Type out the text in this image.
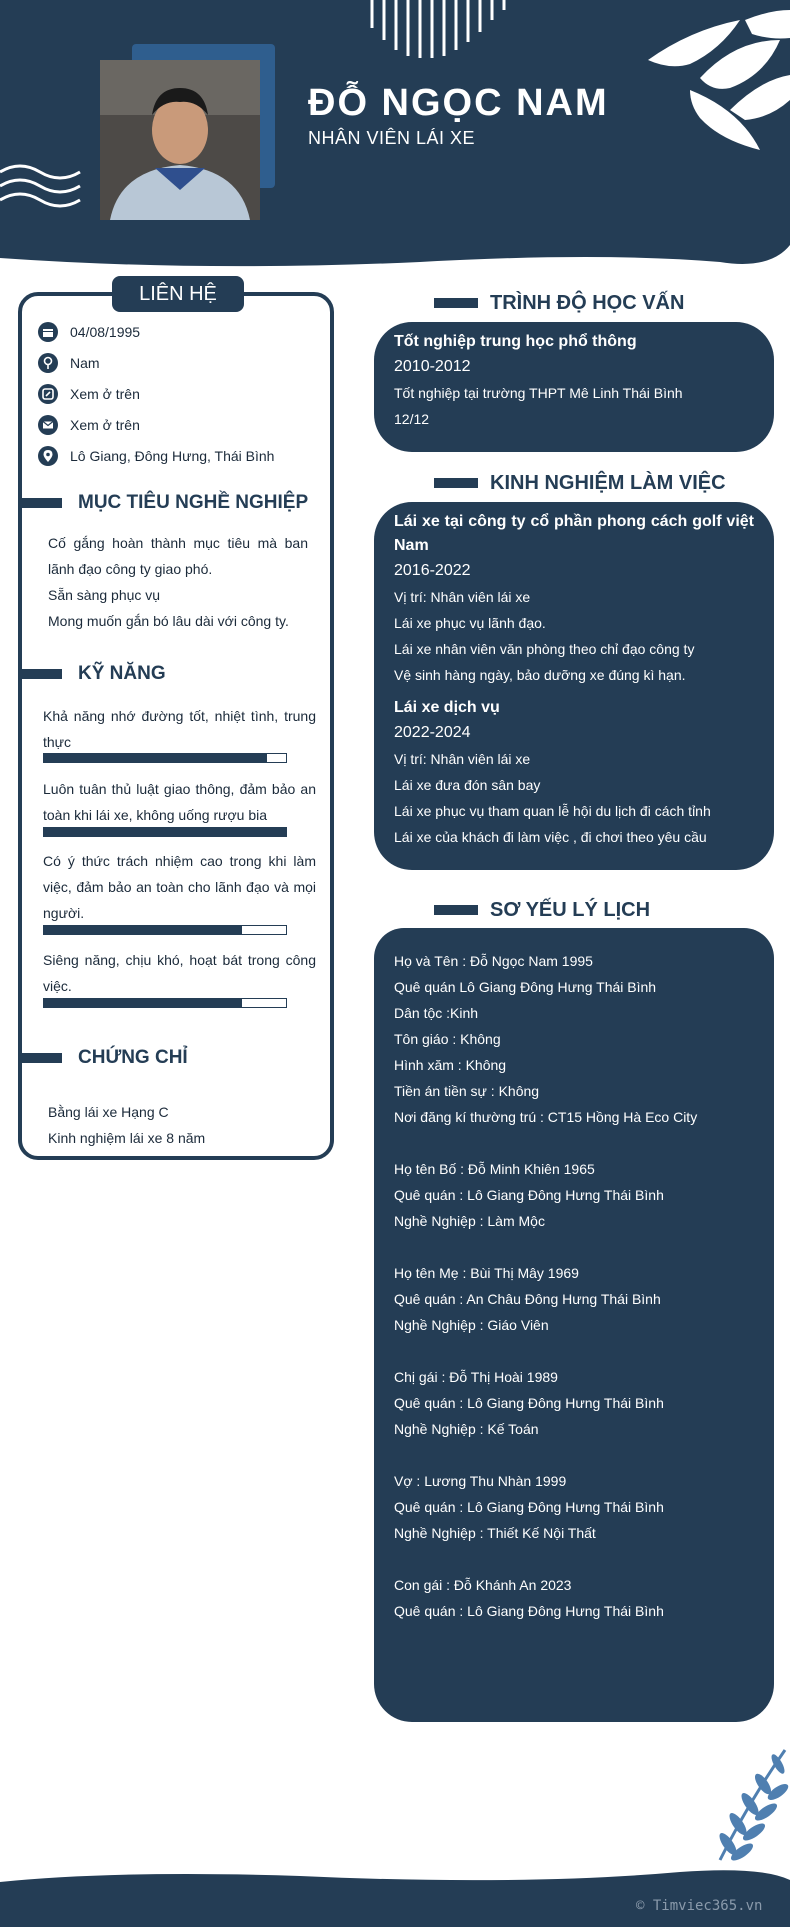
ĐỖ NGỌC NAM
NHÂN VIÊN LÁI XE
LIÊN HỆ
04/08/1995
Nam
Xem ở trên
Xem ở trên
Lô Giang, Đông Hưng, Thái Bình
MỤC TIÊU NGHỀ NGHIỆP
Cố gắng hoàn thành mục tiêu mà ban lãnh đạo công ty giao phó.
Sẵn sàng phục vụ
Mong muốn gắn bó lâu dài với công ty.
KỸ NĂNG
Khả năng nhớ đường tốt, nhiệt tình, trung thực
Luôn tuân thủ luật giao thông, đảm bảo an toàn khi lái xe, không uống rượu bia
Có ý thức trách nhiệm cao trong khi làm việc, đảm bảo an toàn cho lãnh đạo và mọi người.
Siêng năng, chịu khó, hoạt bát trong công việc.
CHỨNG CHỈ
Bằng lái xe Hạng C
Kinh nghiệm lái xe 8 năm
TRÌNH ĐỘ HỌC VẤN
Tốt nghiệp trung học phổ thông
2010-2012
Tốt nghiệp tại trường THPT Mê Linh Thái Bình
12/12
KINH NGHIỆM LÀM VIỆC
Lái xe tại công ty cổ phần phong cách golf việt Nam
2016-2022
Vị trí: Nhân viên lái xe
Lái xe phục vụ lãnh đạo.
Lái xe nhân viên văn phòng theo chỉ đạo công ty
Vệ sinh hàng ngày, bảo dưỡng xe đúng kì hạn.
Lái xe dịch vụ
2022-2024
Vị trí: Nhân viên lái xe
Lái xe đưa đón sân bay
Lái xe phục vụ tham quan lễ hội du lịch đi cách tỉnh
Lái xe của khách đi làm việc , đi chơi theo yêu cầu
SƠ YẾU LÝ LỊCH
Họ và Tên : Đỗ Ngọc Nam 1995
Quê quán Lô Giang Đông Hưng Thái Bình
Dân tộc :Kinh
Tôn giáo : Không
Hình xăm : Không
Tiền án tiền sự : Không
Nơi đăng kí thường trú : CT15 Hồng Hà Eco City
Họ tên Bố : Đỗ Minh Khiên 1965
Quê quán : Lô Giang Đông Hưng Thái Bình
Nghề Nghiệp : Làm Mộc
Họ tên Mẹ : Bùi Thị Mây 1969
Quê quán : An Châu Đông Hưng Thái Bình
Nghề Nghiệp : Giáo Viên
Chị gái : Đỗ Thị Hoài 1989
Quê quán : Lô Giang Đông Hưng Thái Bình
Nghề Nghiệp : Kế Toán
Vợ : Lương Thu Nhàn 1999
Quê quán : Lô Giang Đông Hưng Thái Bình
Nghề Nghiệp : Thiết Kế Nội Thất
Con gái : Đỗ Khánh An 2023
Quê quán : Lô Giang Đông Hưng Thái Bình
© Timviec365.vn
